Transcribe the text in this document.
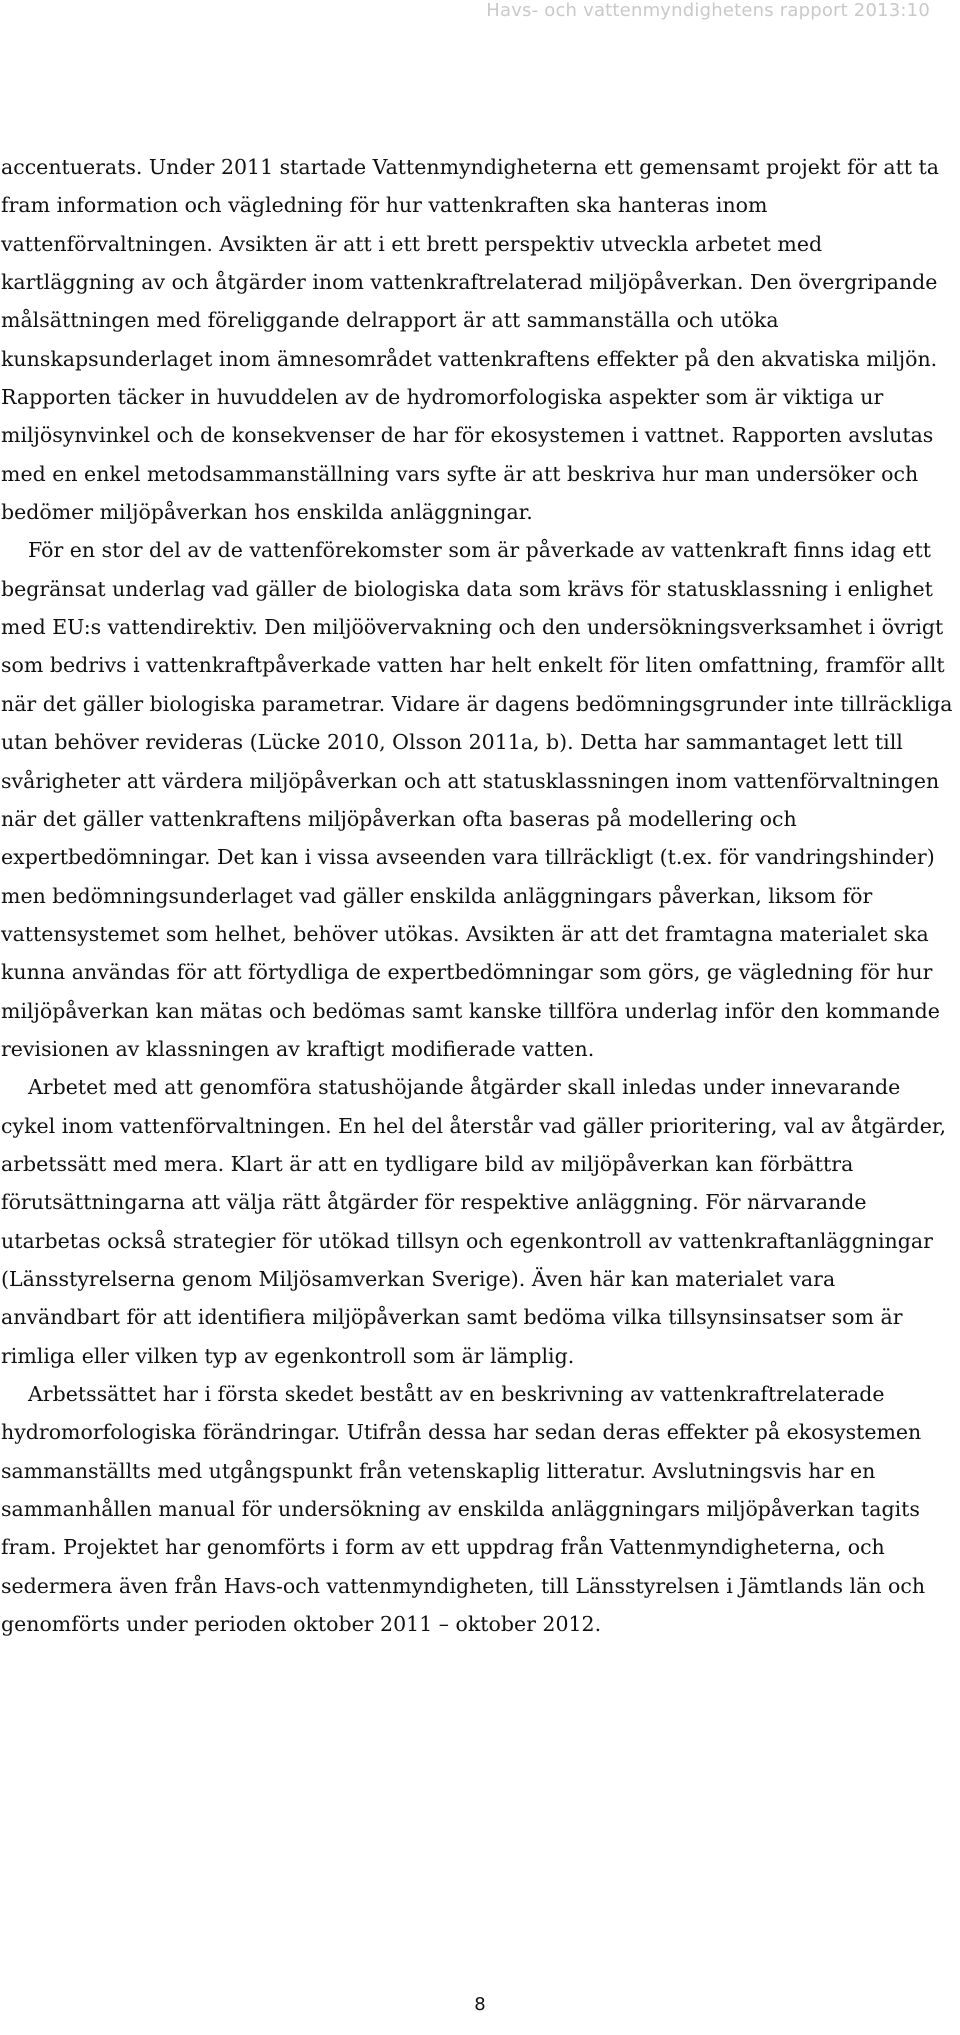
Havs- och vattenmyndighetens rapport 2013:10

accentuerats. Under 2011 startade Vattenmyndigheterna ett gemensamt projekt för att ta fram information och vägledning för hur vattenkraften ska hanteras inom vattenförvaltningen. Avsikten är att i ett brett perspektiv utveckla arbetet med kartläggning av och åtgärder inom vattenkraftrelaterad miljöpåverkan. Den övergripande målsättningen med föreliggande delrapport är att sammanställa och utöka kunskapsunderlaget inom ämnesområdet vattenkraftens effekter på den akvatiska miljön. Rapporten täcker in huvuddelen av de hydromorfologiska aspekter som är viktiga ur miljösynvinkel och de konsekvenser de har för ekosystemen i vattnet. Rapporten avslutas med en enkel metodsammanställning vars syfte är att beskriva hur man undersöker och bedömer miljöpåverkan hos enskilda anläggningar.

För en stor del av de vattenförekomster som är påverkade av vattenkraft finns idag ett begränsat underlag vad gäller de biologiska data som krävs för statusklassning i enlighet med EU:s vattendirektiv. Den miljöövervakning och den undersökningsverksamhet i övrigt som bedrivs i vattenkraftpåverkade vatten har helt enkelt för liten omfattning, framför allt när det gäller biologiska parametrar. Vidare är dagens bedömningsgrunder inte tillräckliga utan behöver revideras (Lücke 2010, Olsson 2011a, b). Detta har sammantaget lett till svårigheter att värdera miljöpåverkan och att statusklassningen inom vattenförvaltningen när det gäller vattenkraftens miljöpåverkan ofta baseras på modellering och expertbedömningar. Det kan i vissa avseenden vara tillräckligt (t.ex. för vandringshinder) men bedömningsunderlaget vad gäller enskilda anläggningars påverkan, liksom för vattensystemet som helhet, behöver utökas. Avsikten är att det framtagna materialet ska kunna användas för att förtydliga de expertbedömningar som görs, ge vägledning för hur miljöpåverkan kan mätas och bedömas samt kanske tillföra underlag inför den kommande revisionen av klassningen av kraftigt modifierade vatten.

Arbetet med att genomföra statushöjande åtgärder skall inledas under innevarande cykel inom vattenförvaltningen. En hel del återstår vad gäller prioritering, val av åtgärder, arbetssätt med mera. Klart är att en tydligare bild av miljöpåverkan kan förbättra förutsättningarna att välja rätt åtgärder för respektive anläggning. För närvarande utarbetas också strategier för utökad tillsyn och egenkontroll av vattenkraftanläggningar (Länsstyrelserna genom Miljösamverkan Sverige). Även här kan materialet vara användbart för att identifiera miljöpåverkan samt bedöma vilka tillsynsinsatser som är rimliga eller vilken typ av egenkontroll som är lämplig.

Arbetssättet har i första skedet bestått av en beskrivning av vattenkraftrelaterade hydromorfologiska förändringar. Utifrån dessa har sedan deras effekter på ekosystemen sammanställts med utgångspunkt från vetenskaplig litteratur. Avslutningsvis har en sammanhållen manual för undersökning av enskilda anläggningars miljöpåverkan tagits fram. Projektet har genomförts i form av ett uppdrag från Vattenmyndigheterna, och sedermera även från Havs-och vattenmyndigheten, till Länsstyrelsen i Jämtlands län och genomförts under perioden oktober 2011 – oktober 2012.

8
